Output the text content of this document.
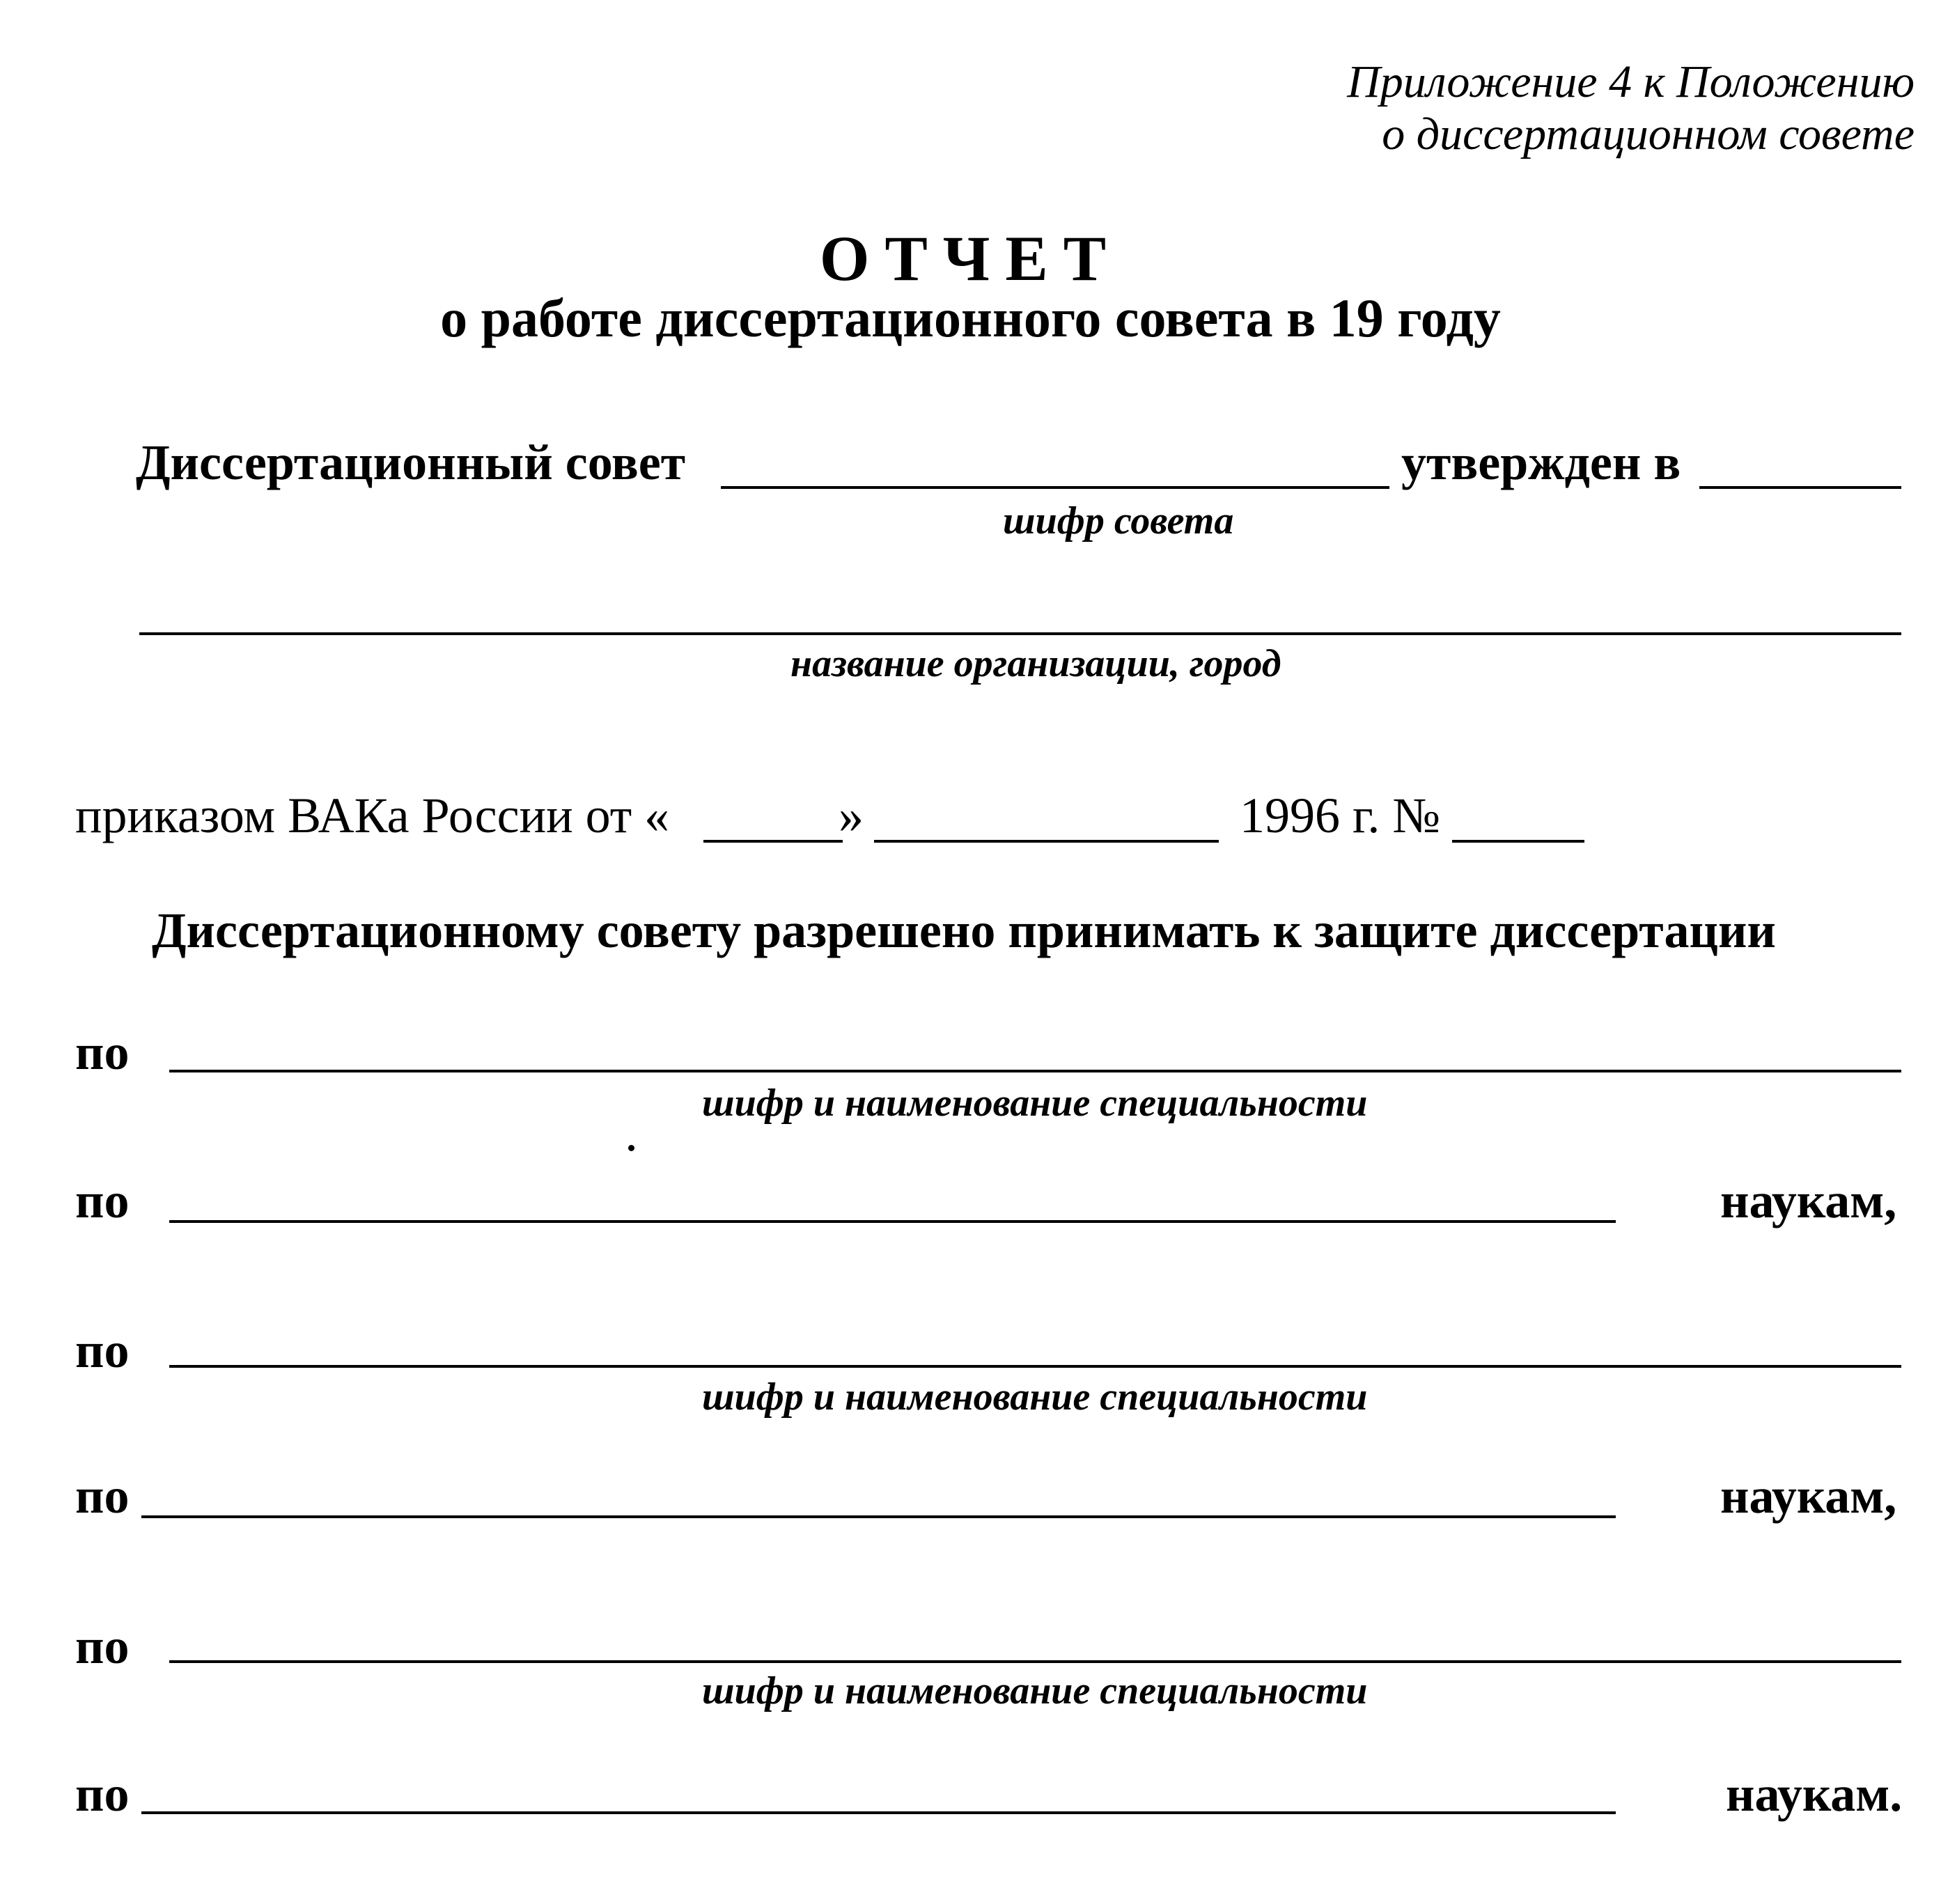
Приложение 4 к Положению
о диссертационном совете
ОТЧЕТ
о работе диссертационного совета в 19 году
Диссертационный совет	утвержден в
шифр совета
название организации, город
приказом ВАКа России от «	»	1996 г. №
Диссертационному совету разрешено принимать к защите диссертации
по
шифр и наименование специальности
по	наукам,
по
шифр и наименование специальности
по	наукам,
по
шифр и наименование специальности
по	наукам.
